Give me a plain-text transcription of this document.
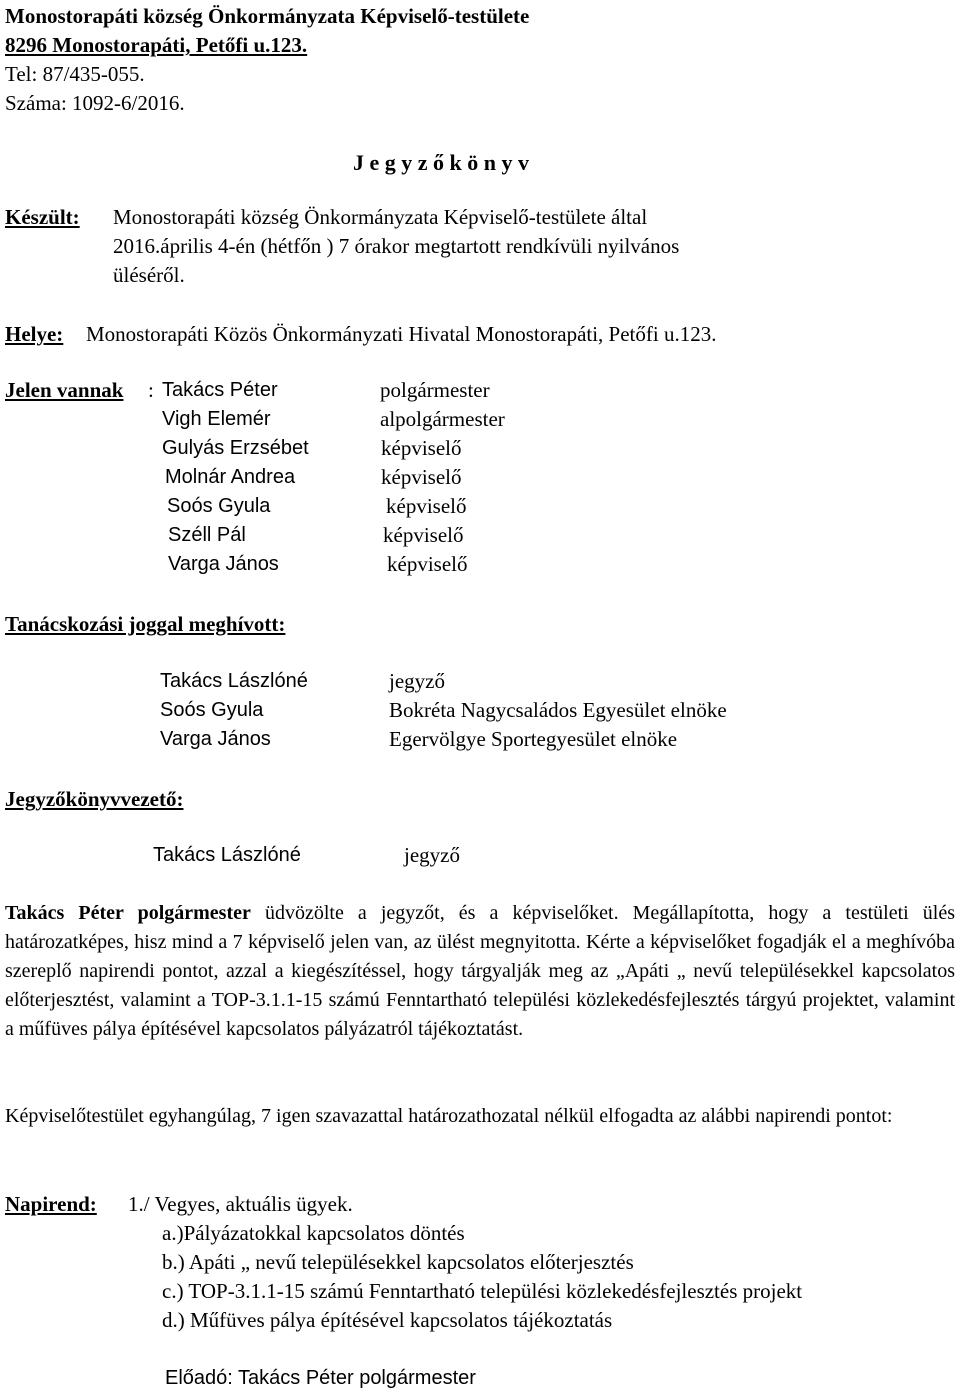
Monostorapáti község Önkormányzata Képviselő-testülete
8296 Monostorapáti, Petőfi u.123.
Tel: 87/435-055.
Száma: 1092-6/2016.
J e g y z ő k ö n y v
Készült: Monostorapáti község Önkormányzata Képviselő-testülete által
2016.április 4-én (hétfőn ) 7 órakor megtartott rendkívüli nyilvános
üléséről.
Helye: Monostorapáti Közös Önkormányzati Hivatal Monostorapáti, Petőfi u.123.
Jelen vannak : Takács Péter	polgármester
Vigh Elemér	alpolgármester
Gulyás Erzsébet	képviselő
Molnár Andrea	képviselő
Soós Gyula	képviselő
Széll Pál	képviselő
Varga János	képviselő
Tanácskozási joggal meghívott:
Takács Lászlóné	jegyző
Soós Gyula	Bokréta Nagycsaládos Egyesület elnöke
Varga János	Egervölgye Sportegyesület elnöke
Jegyzőkönyvvezető:
Takács Lászlóné	jegyző
Takács Péter polgármester üdvözölte a jegyzőt, és a képviselőket. Megállapította, hogy a testületi ülés határozatképes, hisz mind a 7 képviselő jelen van, az ülést megnyitotta. Kérte a képviselőket fogadják el a meghívóba szereplő napirendi pontot, azzal a kiegészítéssel, hogy tárgyalják meg az „Apáti „ nevű településekkel kapcsolatos előterjesztést, valamint a TOP-3.1.1-15 számú Fenntartható települési közlekedésfejlesztés tárgyú projektet, valamint a műfüves pálya építésével kapcsolatos pályázatról tájékoztatást.
Képviselőtestület egyhangúlag, 7 igen szavazattal határozathozatal nélkül elfogadta az alábbi napirendi pontot:
Napirend: 1./ Vegyes, aktuális ügyek.
a.)Pályázatokkal kapcsolatos döntés
b.) Apáti „ nevű településekkel kapcsolatos előterjesztés
c.) TOP-3.1.1-15 számú Fenntartható települési közlekedésfejlesztés projekt
d.) Műfüves pálya építésével kapcsolatos tájékoztatás
Előadó: Takács Péter polgármester
